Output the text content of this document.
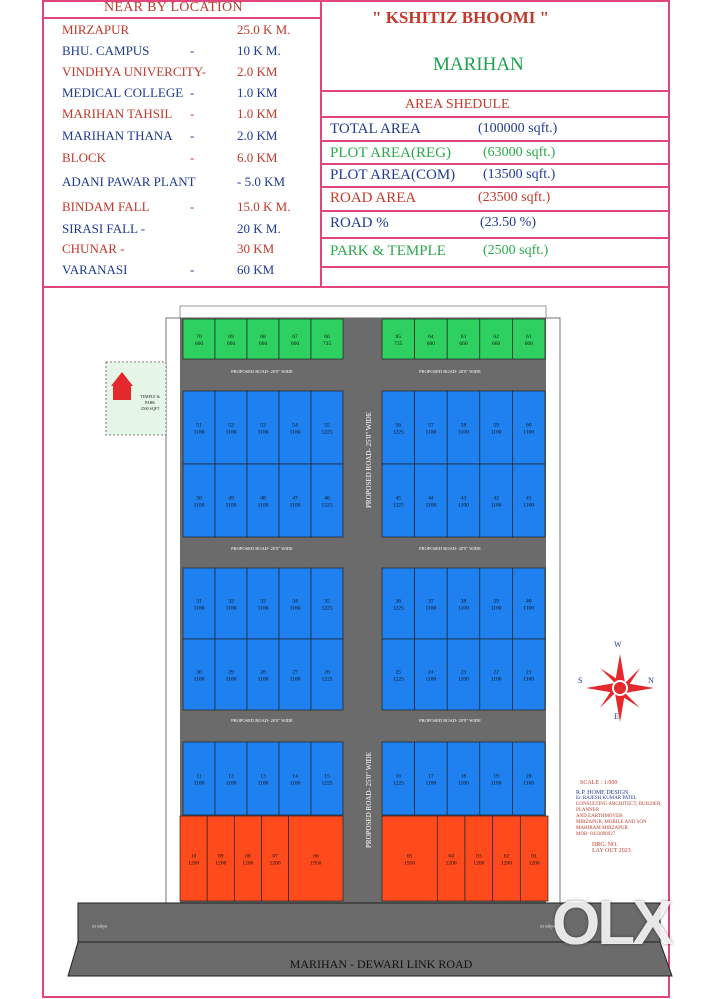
NEAR BY LOCATION
MIRZAPUR	25.0 K M.
BHU. CAMPUS	-	10 K M.
VINDHYA UNIVERCITY- 2.0 KM
MEDICAL COLLEGE -	1.0 KM
MARIHAN TAHSIL -	1.0 KM
MARIHAN THANA -	2.0 KM
BLOCK	-	6.0 KM
ADANI PAWAR PLANT	- 5.0 KM
BINDAM FALL	-	15.0 K M.
SIRASI FALL -	20 K M.
CHUNAR -	30 KM
VARANASI	-	60 KM
" KSHITIZ BHOOMI "
MARIHAN
AREA SHEDULE
TOTAL AREA	(100000 sqft.)
PLOT AREA(REG) (63000 sqft.)
PLOT AREA(COM) (13500 sqft.)
ROAD AREA	(23500 sqft.)
ROAD %	(23.50 %)
PARK & TEMPLE	(2500 sqft.)
PROPOSED ROAD- 25'0" WIDE
PROPOSED ROAD- 25'0" WIDE
PROPOSED ROAD- 20'0" WIDE	PROPOSED ROAD- 20'0" WIDE
PROPOSED ROAD- 20'0" WIDE	PROPOSED ROAD- 20'0" WIDE
PROPOSED ROAD- 20'0" WIDE	PROPOSED ROAD- 20'0" WIDE
70
660
69
660
68
660
67
660
66
735
65
735
64
660
63
660
62
660
61
660
51
1100
52
1100
53
1100
54
1100
55
1225
50
1100
49
1100
48
1100
47
1100
46
1225
56
1225
57
1100
58
1100
59
1100
60
1100
45
1225
44
1100
43
1100
42
1100
41
1100
31
1100
32
1100
33
1100
34
1100
35
1225
30
1100
29
1100
28
1100
27
1100
26
1225
36
1225
37
1100
38
1100
39
1100
40
1100
25
1225
24
1100
23
1100
22
1100
21
1100
11
1100
12
1100
13
1100
14
1100
15
1225
16
1225
17
1100
18
1100
19
1100
20
1100
10
1200
09
1200
08
1200
07
1200
06
1950
05
1950
04
1200
03
1200
02
1200
01
1200
TEMPLE &
PARK
2500 SQFT
MARIHAN - DEWARI LINK ROAD
93 प्लॉट्स	93 प्लॉट्स
W
S	N
E
SCALE : 1:900
R.P. HOME DESIGN
Er. RAJESH KUMAR PATEL
CONSULTING ARCHITECT, BUILDER, PLANNER
AND EARTHMOVER
MIRZAPUR, MOBILE AND SON
MAHIRAM MIRZAPUR
MOB- 8433898927
DRG. NO.
LAY OUT 2023
OLX
